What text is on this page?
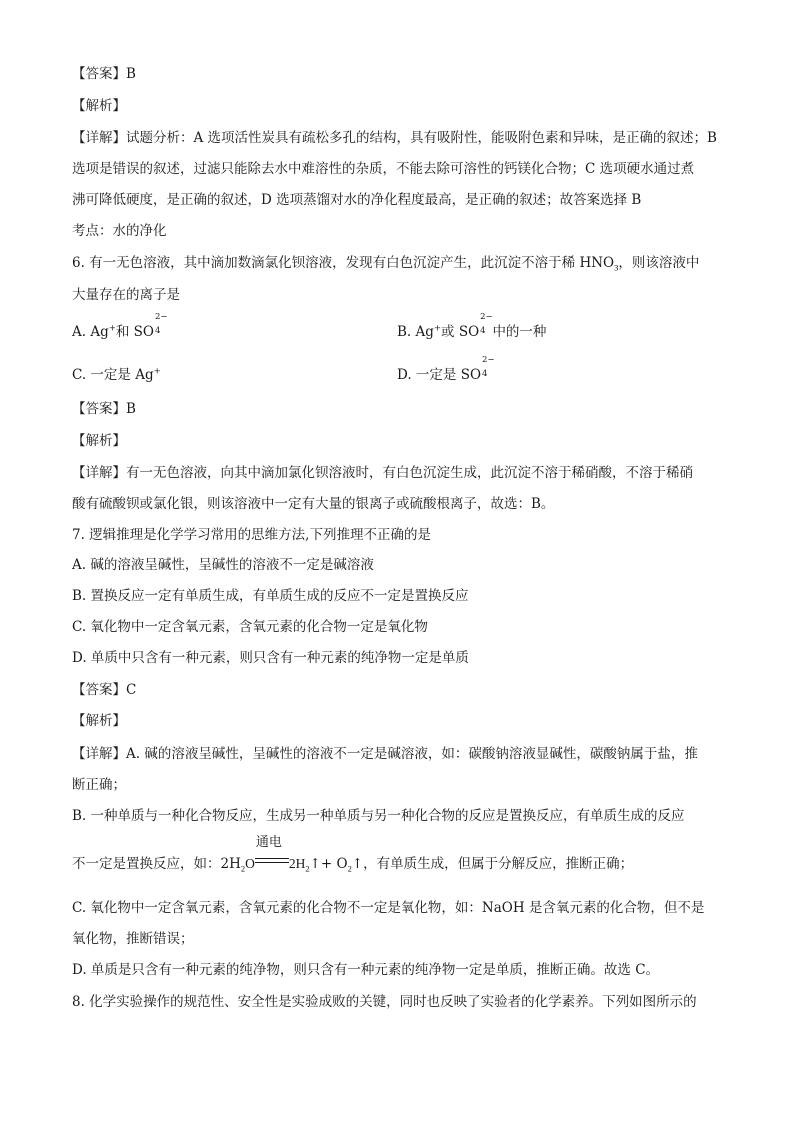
【答案】B
【解析】
【详解】试题分析：A 选项活性炭具有疏松多孔的结构，具有吸附性，能吸附色素和异味，是正确的叙述；B
选项是错误的叙述，过滤只能除去水中难溶性的杂质，不能去除可溶性的钙镁化合物；C 选项硬水通过煮
沸可降低硬度，是正确的叙述，D 选项蒸馏对水的净化程度最高，是正确的叙述；故答案选择 B
考点：水的净化
6. 有一无色溶液，其中滴加数滴氯化钡溶液，发现有白色沉淀产生，此沉淀不溶于稀 $HNO_3$，则该溶液中
大量存在的离子是
A. Ag+和 SO
2−
4	B. Ag+或 SO
2−
4 中的一种
C. 一定是 Ag+	D. 一定是 SO
2−
4
【答案】B
【解析】
【详解】有一无色溶液，向其中滴加氯化钡溶液时，有白色沉淀生成，此沉淀不溶于稀硝酸，不溶于稀硝
酸有硫酸钡或氯化银，则该溶液中一定有大量的银离子或硫酸根离子，故选：B。
7. 逻辑推理是化学学习常用的思维方法,下列推理不正确的是
A. 碱的溶液呈碱性，呈碱性的溶液不一定是碱溶液
B. 置换反应一定有单质生成，有单质生成的反应不一定是置换反应
C. 氧化物中一定含氧元素，含氧元素的化合物一定是氧化物
D. 单质中只含有一种元素，则只含有一种元素的纯净物一定是单质
【答案】C
【解析】
【详解】A. 碱的溶液呈碱性，呈碱性的溶液不一定是碱溶液，如：碳酸钠溶液显碱性，碳酸钠属于盐，推
断正确；
B. 一种单质与一种化合物反应，生成另一种单质与另一种化合物的反应是置换反应，有单质生成的反应
不一定是置换反应，如：$2H_2O$
通电
$2H_2↑+$ $O_2↑$，有单质生成，但属于分解反应，推断正确；
C. 氧化物中一定含氧元素，含氧元素的化合物不一定是氧化物，如：NaOH 是含氧元素的化合物，但不是
氧化物，推断错误；
D. 单质是只含有一种元素的纯净物，则只含有一种元素的纯净物一定是单质，推断正确。故选 C。
8. 化学实验操作的规范性、安全性是实验成败的关键，同时也反映了实验者的化学素养。下列如图所示的
